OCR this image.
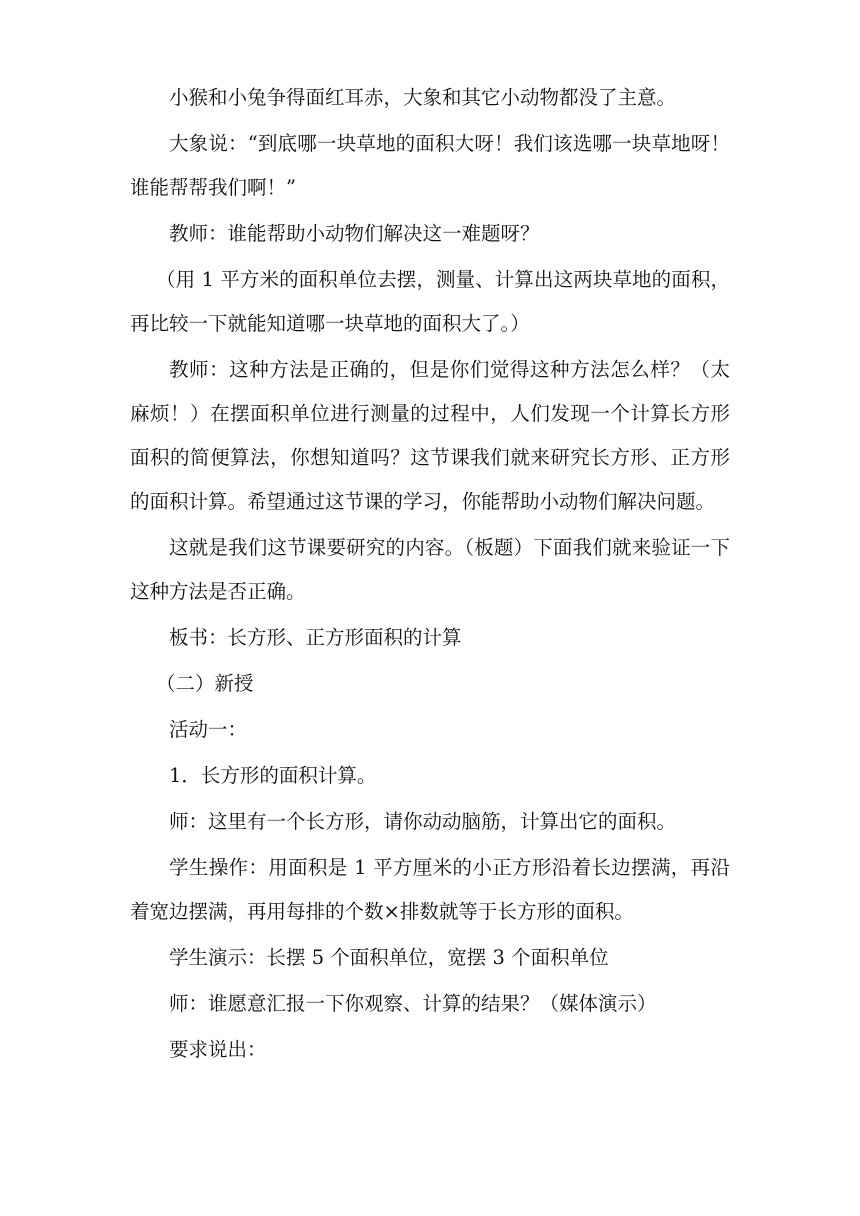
小猴和小兔争得面红耳赤，大象和其它小动物都没了主意。

大象说：“到底哪一块草地的面积大呀！我们该选哪一块草地呀！谁能帮帮我们啊！”

教师：谁能帮助小动物们解决这一难题呀？

（用 1 平方米的面积单位去摆，测量、计算出这两块草地的面积，再比较一下就能知道哪一块草地的面积大了。）

教师：这种方法是正确的，但是你们觉得这种方法怎么样？（太麻烦！）在摆面积单位进行测量的过程中，人们发现一个计算长方形面积的简便算法，你想知道吗？这节课我们就来研究长方形、正方形的面积计算。希望通过这节课的学习，你能帮助小动物们解决问题。

这就是我们这节课要研究的内容。（板题）下面我们就来验证一下这种方法是否正确。

板书：长方形、正方形面积的计算

（二）新授

活动一：

1．长方形的面积计算。

师：这里有一个长方形，请你动动脑筋，计算出它的面积。

学生操作：用面积是 1 平方厘米的小正方形沿着长边摆满，再沿着宽边摆满，再用每排的个数×排数就等于长方形的面积。

学生演示：长摆 5 个面积单位，宽摆 3 个面积单位

师：谁愿意汇报一下你观察、计算的结果？（媒体演示）

要求说出：
